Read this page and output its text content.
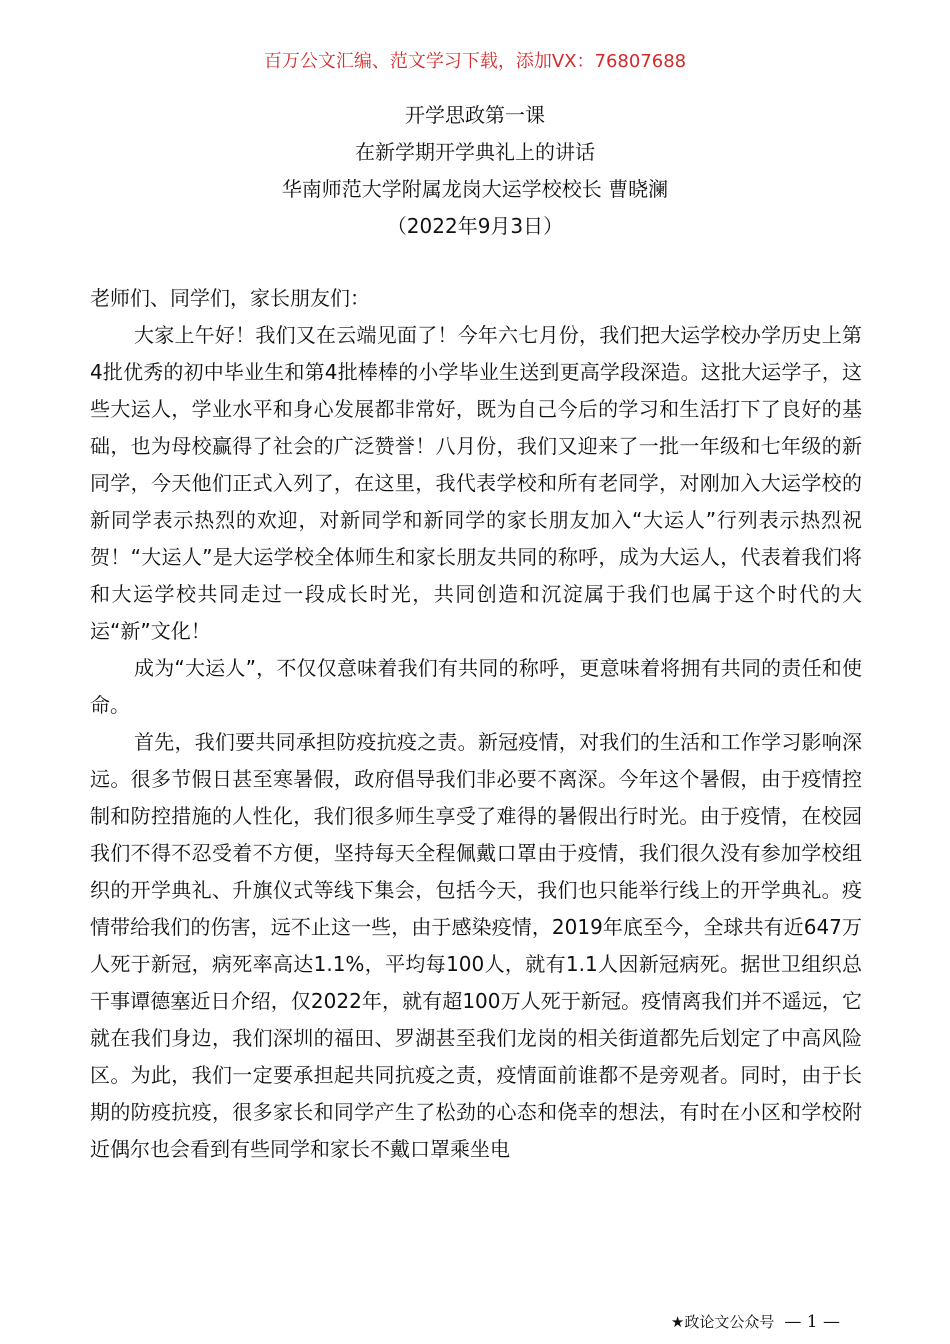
百万公文汇编、范文学习下载，添加VX：76807688

开学思政第一课

在新学期开学典礼上的讲话

华南师范大学附属龙岗大运学校校长 曹晓澜

（2022年9月3日）

老师们、同学们，家长朋友们：

大家上午好！我们又在云端见面了！今年六七月份，我们把大运学校办学历史上第4批优秀的初中毕业生和第4批棒棒的小学毕业生送到更高学段深造。这批大运学子，这些大运人，学业水平和身心发展都非常好，既为自己今后的学习和生活打下了良好的基础，也为母校赢得了社会的广泛赞誉！八月份，我们又迎来了一批一年级和七年级的新同学，今天他们正式入列了，在这里，我代表学校和所有老同学，对刚加入大运学校的新同学表示热烈的欢迎，对新同学和新同学的家长朋友加入“大运人”行列表示热烈祝贺！“大运人”是大运学校全体师生和家长朋友共同的称呼，成为大运人，代表着我们将和大运学校共同走过一段成长时光，共同创造和沉淀属于我们也属于这个时代的大运“新”文化！

成为“大运人”，不仅仅意味着我们有共同的称呼，更意味着将拥有共同的责任和使命。

首先，我们要共同承担防疫抗疫之责。新冠疫情，对我们的生活和工作学习影响深远。很多节假日甚至寒暑假，政府倡导我们非必要不离深。今年这个暑假，由于疫情控制和防控措施的人性化，我们很多师生享受了难得的暑假出行时光。由于疫情，在校园我们不得不忍受着不方便，坚持每天全程佩戴口罩由于疫情，我们很久没有参加学校组织的开学典礼、升旗仪式等线下集会，包括今天，我们也只能举行线上的开学典礼。疫情带给我们的伤害，远不止这一些，由于感染疫情，2019年底至今，全球共有近647万人死于新冠，病死率高达1.1%，平均每100人，就有1.1人因新冠病死。据世卫组织总干事谭德塞近日介绍，仅2022年，就有超100万人死于新冠。疫情离我们并不遥远，它就在我们身边，我们深圳的福田、罗湖甚至我们龙岗的相关街道都先后划定了中高风险区。为此，我们一定要承担起共同抗疫之责，疫情面前谁都不是旁观者。同时，由于长期的防疫抗疫，很多家长和同学产生了松劲的心态和侥幸的想法，有时在小区和学校附近偶尔也会看到有些同学和家长不戴口罩乘坐电

★政论文公众号 — 1 —
